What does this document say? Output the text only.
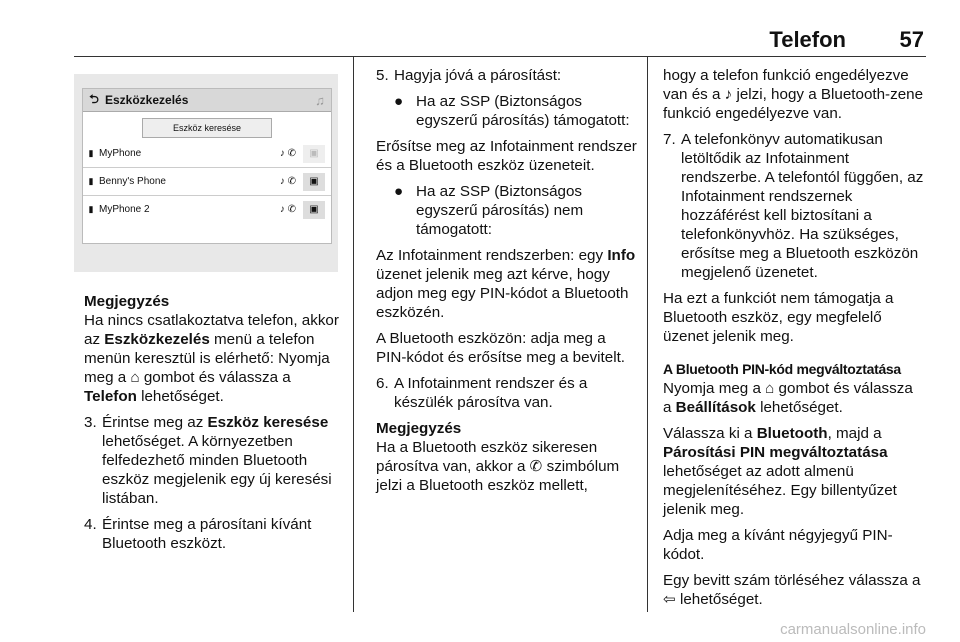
Telefon 57
⮌ Eszközkezelés	♫
Eszköz keresése
▮ MyPhone	♪ ✆	▣
▮ Benny's Phone	♪ ✆	▣
▮ MyPhone 2	♪ ✆	▣

Megjegyzés

Ha nincs csatlakoztatva telefon, akkor az Eszközkezelés menü a telefon menün keresztül is elérhető: Nyomja meg a ⌂ gombot és válassza a Telefon lehetőséget.

3. Érintse meg az Eszköz keresése lehetőséget. A környezetben felfedezhető minden Bluetooth eszköz megjelenik egy új keresési listában.
4. Érintse meg a párosítani kívánt Bluetooth eszközt.
5. Hagyja jóvá a párosítást:
● Ha az SSP (Biztonságos egyszerű párosítás) támogatott:

Erősítse meg az Infotainment rendszer és a Bluetooth eszköz üzeneteit.

● Ha az SSP (Biztonságos egyszerű párosítás) nem támogatott:

Az Infotainment rendszerben: egy Info üzenet jelenik meg azt kérve, hogy adjon meg egy PIN-kódot a Bluetooth eszközén.

A Bluetooth eszközön: adja meg a PIN-kódot és erősítse meg a bevitelt.

6. A Infotainment rendszer és a készülék párosítva van.

Megjegyzés

Ha a Bluetooth eszköz sikeresen párosítva van, akkor a ✆ szimbólum jelzi a Bluetooth eszköz mellett,

hogy a telefon funkció engedélyezve van és a ♪ jelzi, hogy a Bluetooth-zene funkció engedélyezve van.

7. A telefonkönyv automatikusan letöltődik az Infotainment rendszerbe. A telefontól függően, az Infotainment rendszernek hozzáférést kell biztosítani a telefonkönyvhöz. Ha szükséges, erősítse meg a Bluetooth eszközön megjelenő üzenetet.

Ha ezt a funkciót nem támogatja a Bluetooth eszköz, egy megfelelő üzenet jelenik meg.

A Bluetooth PIN-kód megváltoztatása

Nyomja meg a ⌂ gombot és válassza a Beállítások lehetőséget.

Válassza ki a Bluetooth, majd a Párosítási PIN megváltoztatása lehetőséget az adott almenü megjelenítéséhez. Egy billentyűzet jelenik meg.

Adja meg a kívánt négyjegyű PIN-kódot.

Egy bevitt szám törléséhez válassza a ⇦ lehetőséget.

carmanualsonline.info
